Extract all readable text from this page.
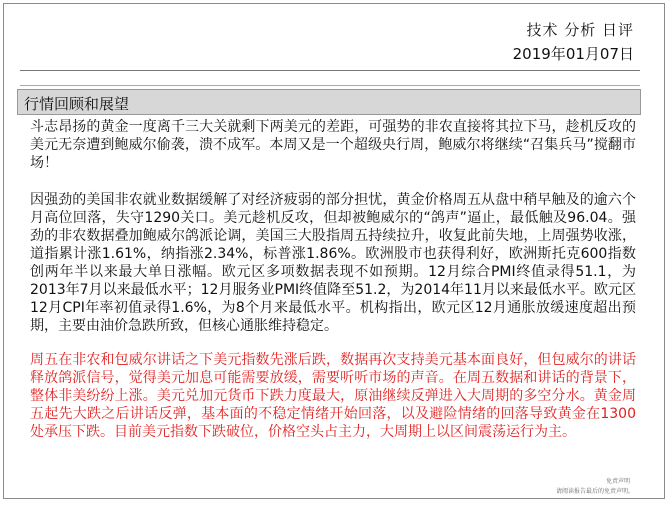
技术 分析 日评
2019年01月07日
行情回顾和展望

斗志昂扬的黄金一度离千三大关就剩下两美元的差距，可强势的非农直接将其拉下马，趁机反攻的美元无奈遭到鲍威尔偷袭，溃不成军。本周又是一个超级央行周，鲍威尔将继续“召集兵马”搅翻市场！

因强劲的美国非农就业数据缓解了对经济疲弱的部分担忧，黄金价格周五从盘中稍早触及的逾六个月高位回落，失守1290关口。美元趁机反攻，但却被鲍威尔的“鸽声”逼止，最低触及96.04。强劲的非农数据叠加鲍威尔鸽派论调，美国三大股指周五持续拉升，收复此前失地，上周强势收涨，道指累计涨1.61%，纳指涨2.34%，标普涨1.86%。欧洲股市也获得利好，欧洲斯托克600指数创两年半以来最大单日涨幅。欧元区多项数据表现不如预期。12月综合PMI终值录得51.1，为2013年7月以来最低水平；12月服务业PMI终值降至51.2，为2014年11月以来最低水平。欧元区12月CPI年率初值录得1.6%，为8个月来最低水平。机构指出，欧元区12月通胀放缓速度超出预期，主要由油价急跌所致，但核心通胀维持稳定。

周五在非农和包威尔讲话之下美元指数先涨后跌，数据再次支持美元基本面良好，但包威尔的讲话释放鸽派信号，觉得美元加息可能需要放缓，需要听听市场的声音。在周五数据和讲话的背景下，整体非美纷纷上涨。美元兑加元货币下跌力度最大，原油继续反弹进入大周期的多空分水。黄金周五起先大跌之后讲话反弹，基本面的不稳定情绪开始回落，以及避险情绪的回落导致黄金在1300处承压下跌。目前美元指数下跌破位，价格空头占主力，大周期上以区间震荡运行为主。

免责声明
请阅读报告最后的免责声明。
